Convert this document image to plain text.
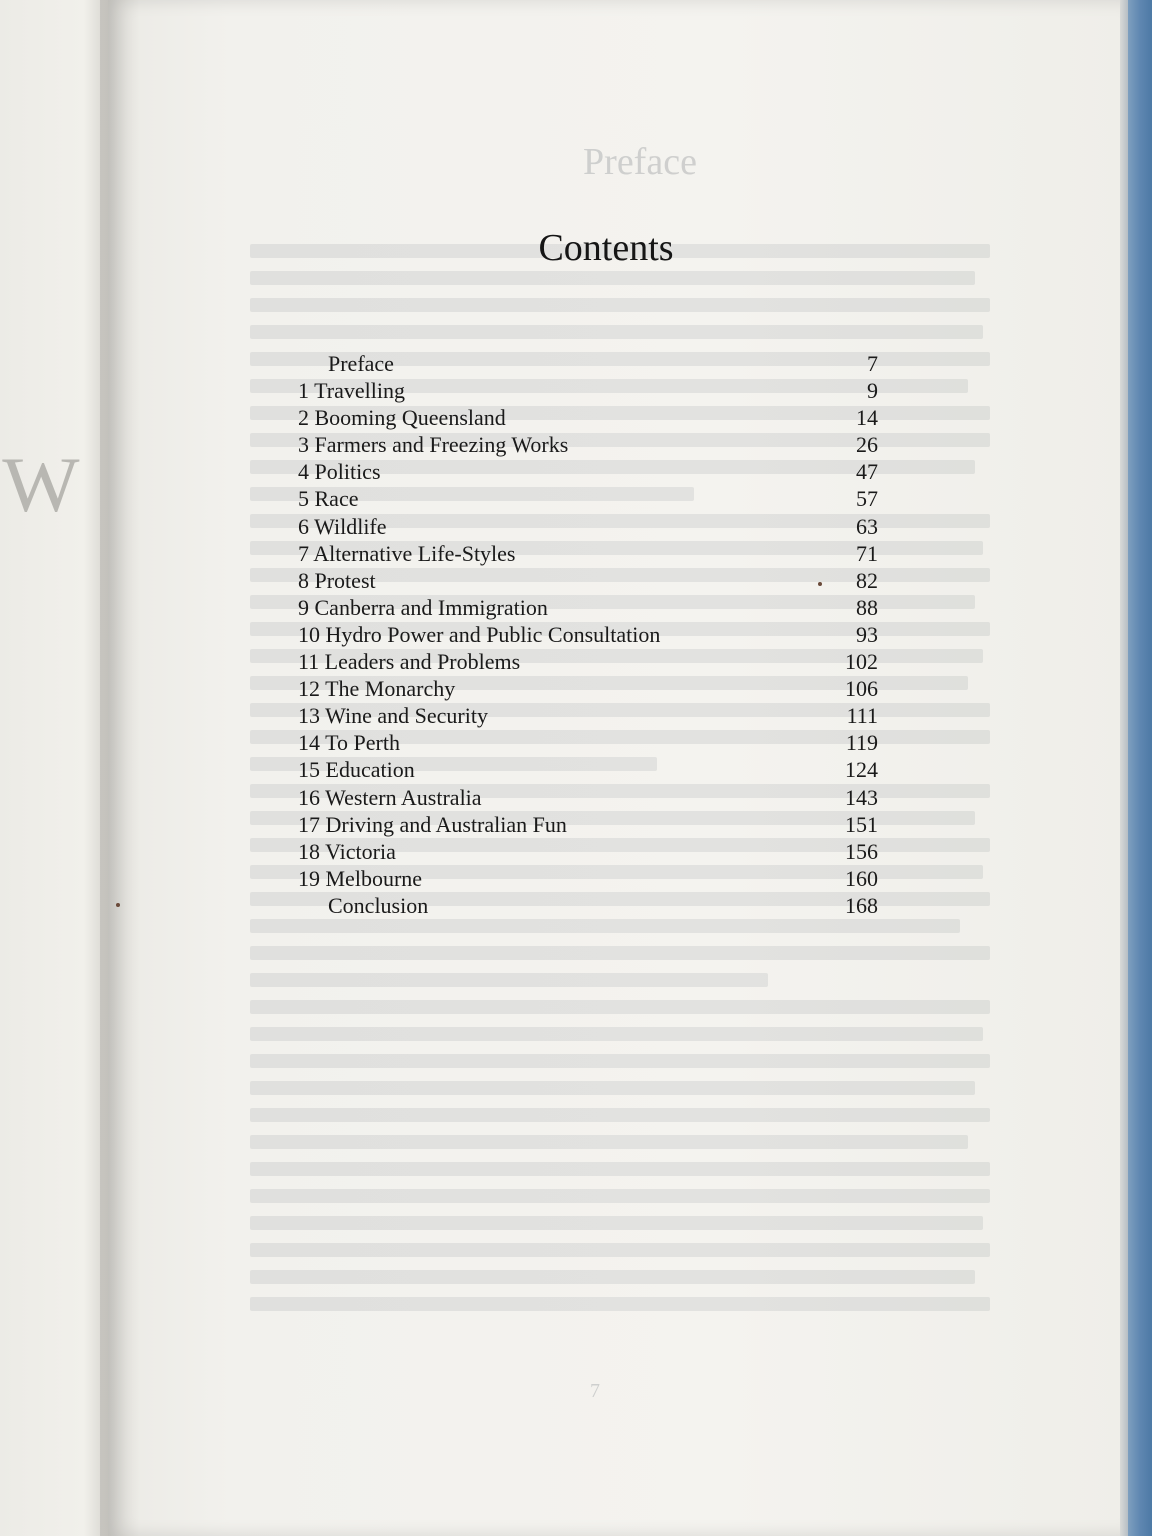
W
Preface
7
Contents
Preface	7
1 Travelling	9
2 Booming Queensland	14
3 Farmers and Freezing Works	26
4 Politics	47
5 Race	57
6 Wildlife	63
7 Alternative Life-Styles	71
8 Protest	82
9 Canberra and Immigration	88
10 Hydro Power and Public Consultation	93
11 Leaders and Problems	102
12 The Monarchy	106
13 Wine and Security	111
14 To Perth	119
15 Education	124
16 Western Australia	143
17 Driving and Australian Fun	151
18 Victoria	156
19 Melbourne	160
Conclusion	168
